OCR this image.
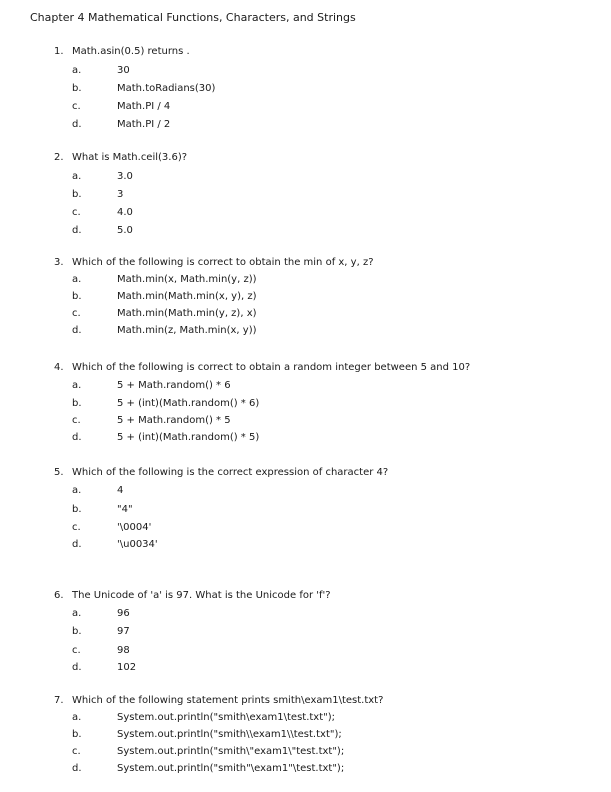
Chapter 4 Mathematical Functions, Characters, and Strings
1. Math.asin(0.5) returns .
a.	30
b.	Math.toRadians(30)
c.	Math.PI / 4
d.	Math.PI / 2
2. What is Math.ceil(3.6)?
a.	3.0
b.	3
c.	4.0
d.	5.0
3. Which of the following is correct to obtain the min of x, y, z?
a.	Math.min(x, Math.min(y, z))
b.	Math.min(Math.min(x, y), z)
c.	Math.min(Math.min(y, z), x)
d.	Math.min(z, Math.min(x, y))
4. Which of the following is correct to obtain a random integer between 5 and 10?
a.	5 + Math.random() * 6
b.	5 + (int)(Math.random() * 6)
c.	5 + Math.random() * 5
d.	5 + (int)(Math.random() * 5)
5. Which of the following is the correct expression of character 4?
a.	4
b.	"4"
c.	'\0004'
d.	'\u0034'
6. The Unicode of 'a' is 97. What is the Unicode for 'f'?
a.	96
b.	97
c.	98
d.	102
7. Which of the following statement prints smith\exam1\test.txt?
a.	System.out.println("smith\exam1\test.txt");
b.	System.out.println("smith\\exam1\\test.txt");
c.	System.out.println("smith\"exam1\"test.txt");
d.	System.out.println("smith"\exam1"\test.txt");
